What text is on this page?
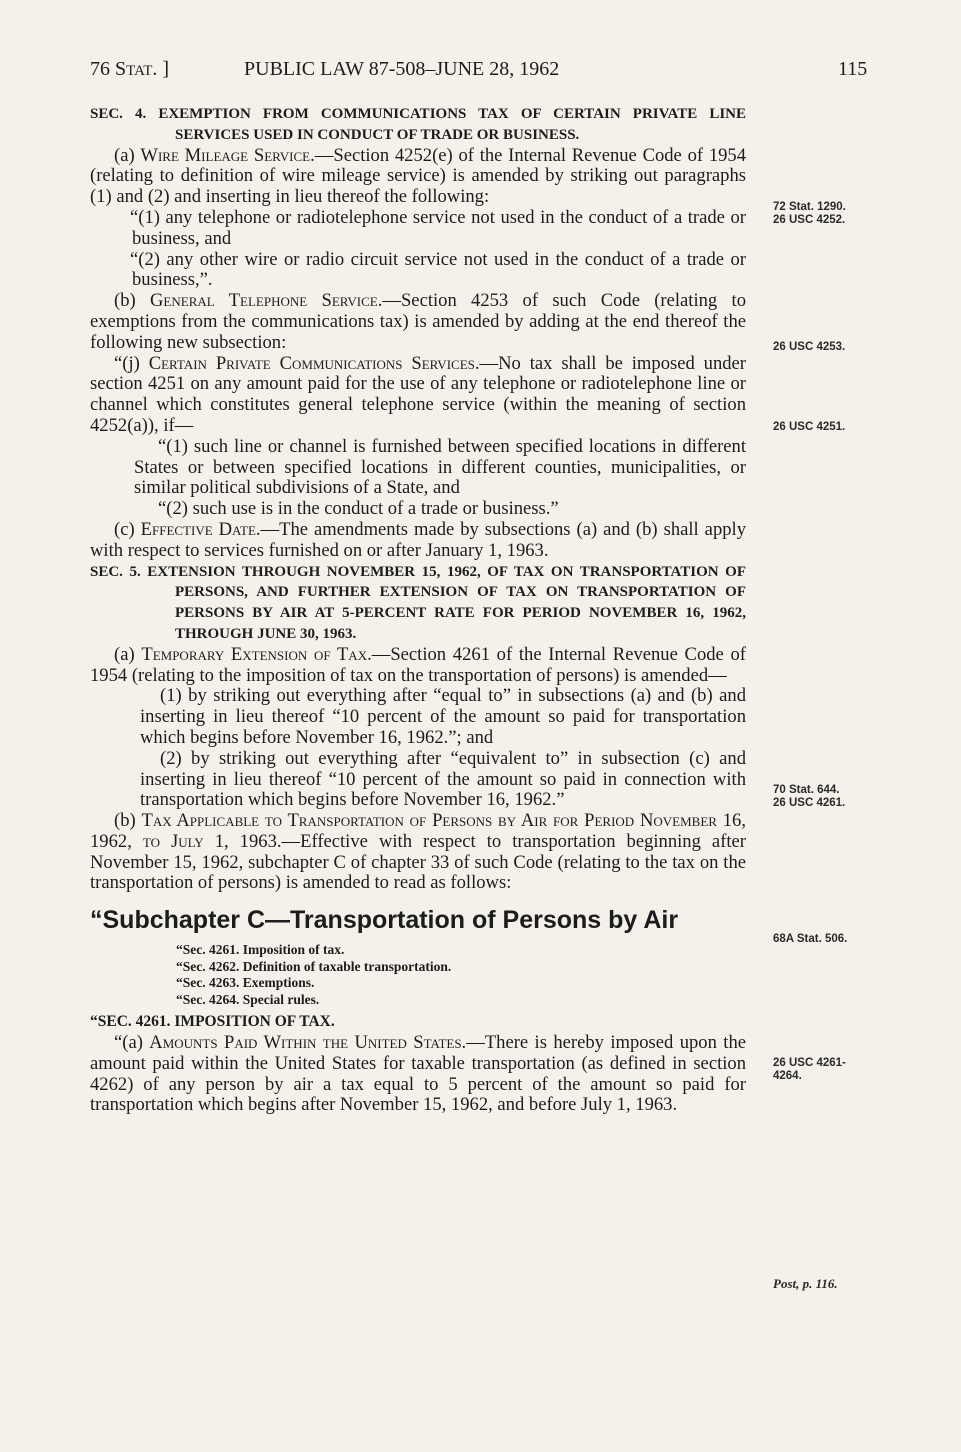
76 STAT. ]	PUBLIC LAW 87-508–JUNE 28, 1962	115

SEC. 4. EXEMPTION FROM COMMUNICATIONS TAX OF CERTAIN PRIVATE LINE SERVICES USED IN CONDUCT OF TRADE OR BUSINESS.

(a) Wire Mileage Service.—Section 4252(e) of the Internal Revenue Code of 1954 (relating to definition of wire mileage service) is amended by striking out paragraphs (1) and (2) and inserting in lieu thereof the following:

“(1) any telephone or radiotelephone service not used in the conduct of a trade or business, and

“(2) any other wire or radio circuit service not used in the conduct of a trade or business,”.

(b) General Telephone Service.—Section 4253 of such Code (relating to exemptions from the communications tax) is amended by adding at the end thereof the following new subsection:

“(j) Certain Private Communications Services.—No tax shall be imposed under section 4251 on any amount paid for the use of any telephone or radiotelephone line or channel which constitutes general telephone service (within the meaning of section 4252(a)), if—

“(1) such line or channel is furnished between specified locations in different States or between specified locations in different counties, municipalities, or similar political subdivisions of a State, and

“(2) such use is in the conduct of a trade or business.”

(c) Effective Date.—The amendments made by subsections (a) and (b) shall apply with respect to services furnished on or after January 1, 1963.

SEC. 5. EXTENSION THROUGH NOVEMBER 15, 1962, OF TAX ON TRANSPORTATION OF PERSONS, AND FURTHER EXTENSION OF TAX ON TRANSPORTATION OF PERSONS BY AIR AT 5-PERCENT RATE FOR PERIOD NOVEMBER 16, 1962, THROUGH JUNE 30, 1963.

(a) Temporary Extension of Tax.—Section 4261 of the Internal Revenue Code of 1954 (relating to the imposition of tax on the transportation of persons) is amended—

(1) by striking out everything after “equal to” in subsections (a) and (b) and inserting in lieu thereof “10 percent of the amount so paid for transportation which begins before November 16, 1962.”; and

(2) by striking out everything after “equivalent to” in subsection (c) and inserting in lieu thereof “10 percent of the amount so paid in connection with transportation which begins before November 16, 1962.”

(b) Tax Applicable to Transportation of Persons by Air for Period November 16, 1962, to July 1, 1963.—Effective with respect to transportation beginning after November 15, 1962, subchapter C of chapter 33 of such Code (relating to the tax on the transportation of persons) is amended to read as follows:

“Subchapter C—Transportation of Persons by Air

“Sec. 4261. Imposition of tax.

“Sec. 4262. Definition of taxable transportation.

“Sec. 4263. Exemptions.

“Sec. 4264. Special rules.

“SEC. 4261. IMPOSITION OF TAX.

“(a) Amounts Paid Within the United States.—There is hereby imposed upon the amount paid within the United States for taxable transportation (as defined in section 4262) of any person by air a tax equal to 5 percent of the amount so paid for transportation which begins after November 15, 1962, and before July 1, 1963.

72 Stat. 1290.
26 USC 4252.
26 USC 4253.
26 USC 4251.
70 Stat. 644.
26 USC 4261.
68A Stat. 506.
26 USC 4261-
4264.
Post, p. 116.
